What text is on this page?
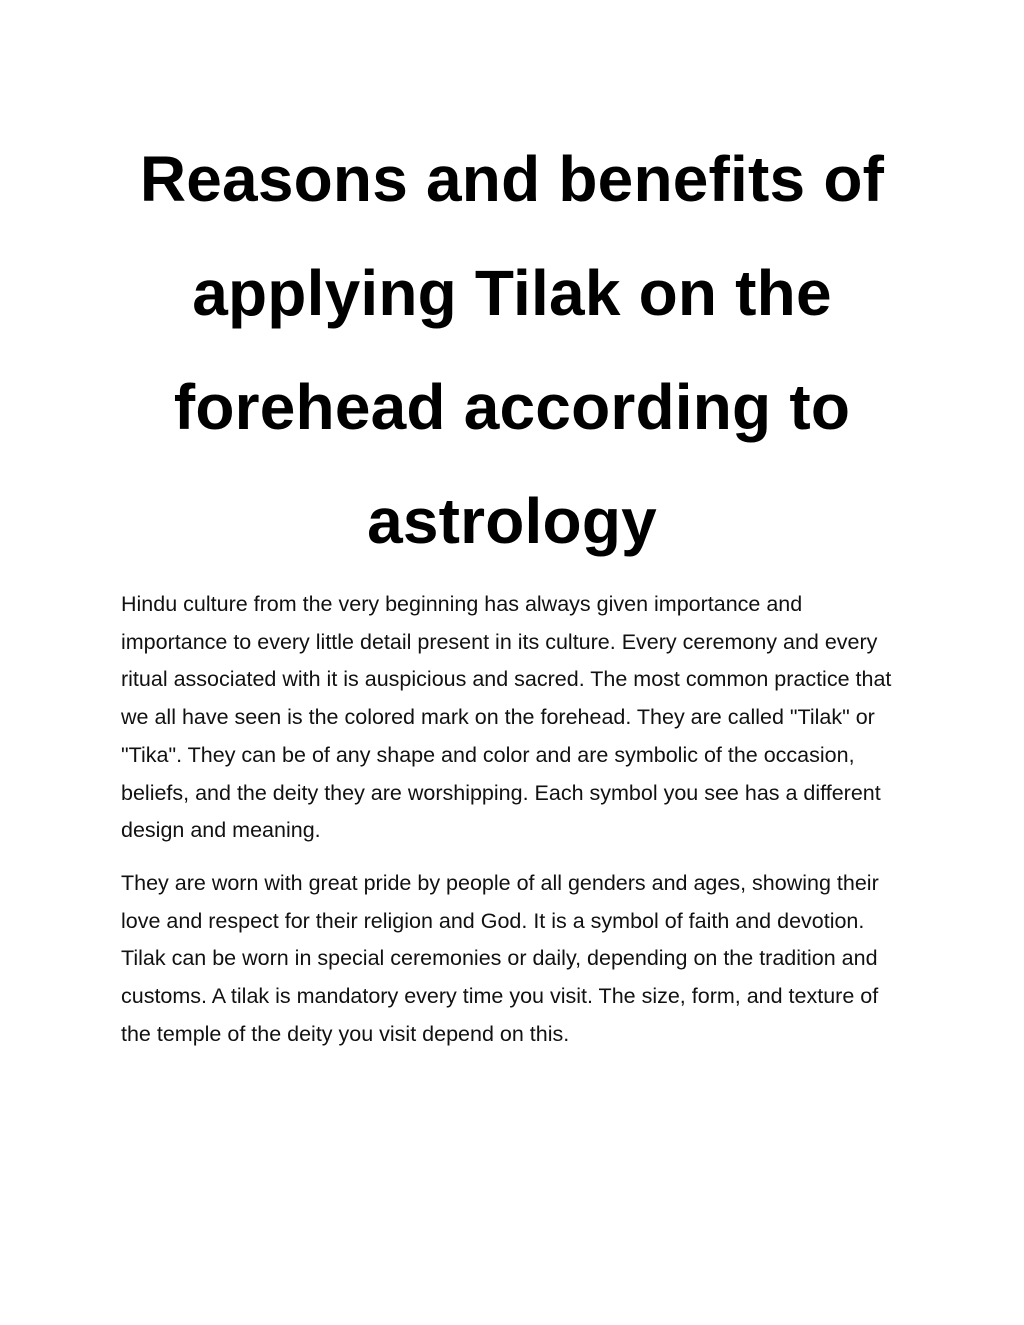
Reasons and benefits of applying Tilak on the forehead according to astrology

Hindu culture from the very beginning has always given importance and importance to every little detail present in its culture. Every ceremony and every ritual associated with it is auspicious and sacred. The most common practice that we all have seen is the colored mark on the forehead. They are called "Tilak" or "Tika". They can be of any shape and color and are symbolic of the occasion, beliefs, and the deity they are worshipping. Each symbol you see has a different design and meaning.

They are worn with great pride by people of all genders and ages, showing their love and respect for their religion and God. It is a symbol of faith and devotion. Tilak can be worn in special ceremonies or daily, depending on the tradition and customs. A tilak is mandatory every time you visit. The size, form, and texture of the temple of the deity you visit depend on this.
